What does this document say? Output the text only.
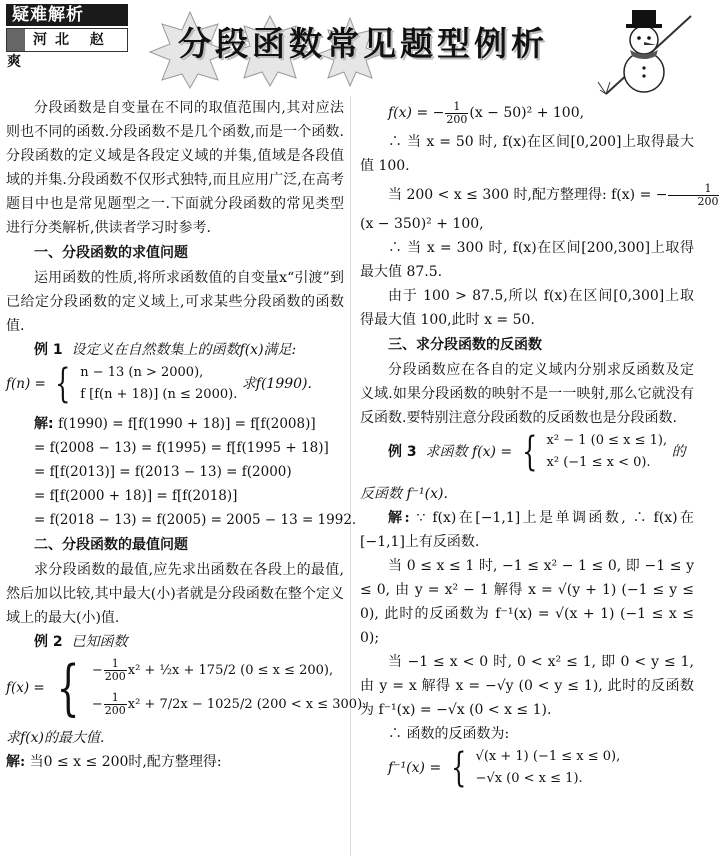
疑难解析
河北 赵 爽	分段函数常见题型例析

分段函数是自变量在不同的取值范围内,其对应法则也不同的函数.分段函数不是几个函数,而是一个函数.分段函数的定义域是各段定义域的并集,值域是各段值域的并集.分段函数不仅形式独特,而且应用广泛,在高考题目中也是常见题型之一.下面就分段函数的常见类型进行分类解析,供读者学习时参考.

一、分段函数的求值问题

运用函数的性质,将所求函数值的自变量x“引渡”到已给定分段函数的定义域上,可求某些分段函数的函数值.

例 1 设定义在自然数集上的函数f(x)满足:
f(n) = { n − 13 (n > 2000),
f [f(n + 18)] (n ≤ 2000).
求f(1990).
解: f(1990) = f[f(1990 + 18)] = f[f(2008)]
= f(2008 − 13) = f(1995) = f[f(1995 + 18)]
= f[f(2013)] = f(2013 − 13) = f(2000)
= f[f(2000 + 18)] = f[f(2018)]
= f(2018 − 13) = f(2005) = 2005 − 13 = 1992.
二、分段函数的最值问题

求分段函数的最值,应先求出函数在各段上的最值,然后加以比较,其中最大(小)者就是分段函数在整个定义域上的最大(小)值.

例 2 已知函数
f(x) = { − $\frac{1}{200} x^2$ + ½x + 175/2 (0 ≤ x ≤ 200),
− $\frac{1}{200} x^2 + 7/2x - 1025/2$ (200 < x ≤ 300).
求f(x)的最大值.
解: 当0 ≤ x ≤ 200时,配方整理得:
f(x) = − $\frac{1}{200} (x - 50)^2 + 100$,

∴ 当 x = 50 时, f(x)在区间[0,200]上取得最大值 100.

当 200 < x ≤ 300 时,配方整理得: f(x) = − $\frac{1}{200}$
(x − 350)² + 100,

∴ 当 x = 300 时, f(x)在区间[200,300]上取得最大值 87.5.

由于 100 > 87.5,所以 f(x)在区间[0,300]上取得最大值 100,此时 x = 50.

三、求分段函数的反函数

分段函数应在各自的定义域内分别求反函数及定义域.如果分段函数的映射不是一一映射,那么它就没有反函数.要特别注意分段函数的反函数也是分段函数.

例 3 求函数 f(x) = { x² − 1 (0 ≤ x ≤ 1),
x² (−1 ≤ x < 0).
的
反函数 f⁻¹(x).

解: ∵ f(x)在[−1,1]上是单调函数, ∴ f(x)在[−1,1]上有反函数.

当 0 ≤ x ≤ 1 时, −1 ≤ x² − 1 ≤ 0, 即 −1 ≤ y ≤ 0, 由 y = x² − 1 解得 x = √(y + 1) (−1 ≤ y ≤ 0), 此时的反函数为 f⁻¹(x) = √(x + 1) (−1 ≤ x ≤ 0);

当 −1 ≤ x < 0 时, 0 < x² ≤ 1, 即 0 < y ≤ 1, 由 y = x 解得 x = −√y (0 < y ≤ 1), 此时的反函数为 f⁻¹(x) = −√x (0 < x ≤ 1).

∴ 函数的反函数为:
f⁻¹(x) = { √(x + 1) (−1 ≤ x ≤ 0),
−√x (0 < x ≤ 1).
